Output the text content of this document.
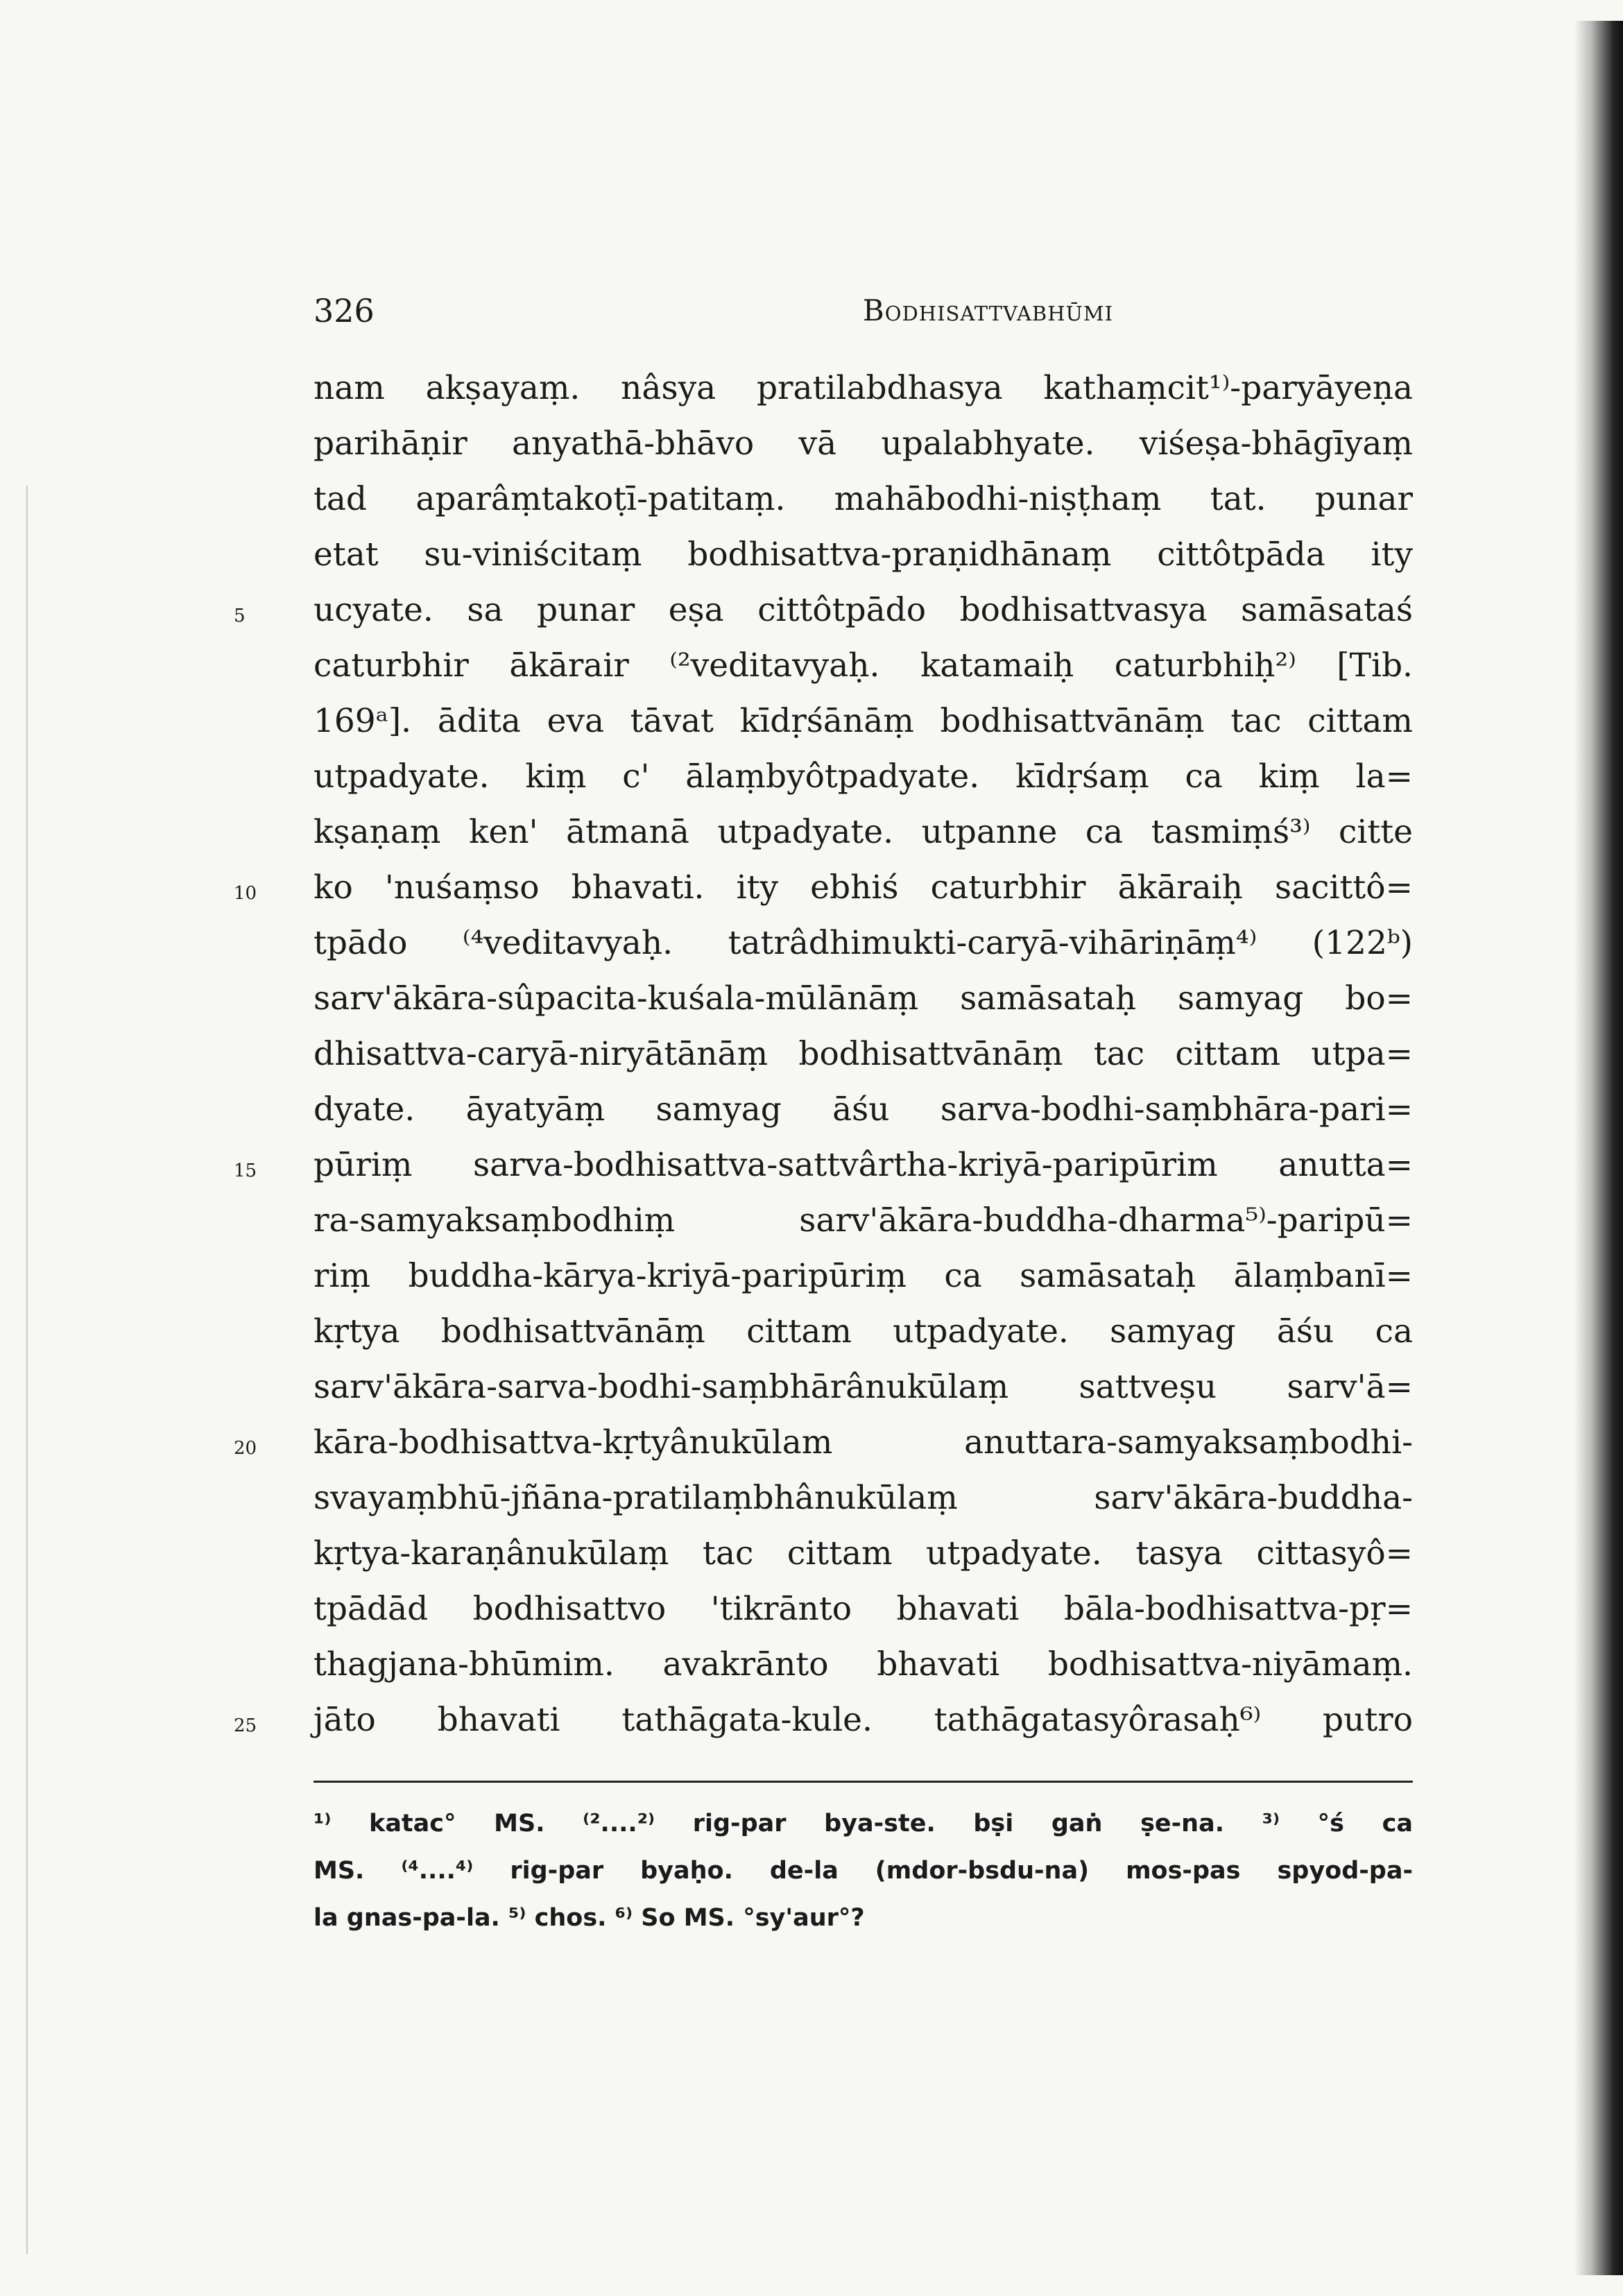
326	Bodhisattvabhūmi
nam akṣayaṃ. nâsya pratilabdhasya kathaṃcit¹⁾-paryāyeṇa
parihāṇir anyathā-bhāvo vā upalabhyate. viśeṣa-bhāgīyaṃ
tad aparâṃtakoṭī-patitaṃ. mahābodhi-niṣṭhaṃ tat. punar
etat su-viniścitaṃ bodhisattva-praṇidhānaṃ cittôtpāda ity
5	ucyate. sa punar eṣa cittôtpādo bodhisattvasya samāsataś
caturbhir ākārair ⁽²veditavyaḥ. katamaiḥ caturbhiḥ²⁾ [Tib.
169ᵃ]. ādita eva tāvat kīdṛśānāṃ bodhisattvānāṃ tac cittam
utpadyate. kiṃ c' ālaṃbyôtpadyate. kīdṛśaṃ ca kiṃ la=
kṣaṇaṃ ken' ātmanā utpadyate. utpanne ca tasmiṃś³⁾ citte
10	ko 'nuśaṃso bhavati. ity ebhiś caturbhir ākāraiḥ sacittô=
tpādo ⁽⁴veditavyaḥ. tatrâdhimukti-caryā-vihāriṇāṃ⁴⁾ (122ᵇ)
sarv'ākāra-sûpacita-kuśala-mūlānāṃ samāsataḥ samyag bo=
dhisattva-caryā-niryātānāṃ bodhisattvānāṃ tac cittam utpa=
dyate. āyatyāṃ samyag āśu sarva-bodhi-saṃbhāra-pari=
15	pūriṃ sarva-bodhisattva-sattvârtha-kriyā-paripūrim anutta=
ra-samyaksaṃbodhiṃ sarv'ākāra-buddha-dharma⁵⁾-paripū=
riṃ buddha-kārya-kriyā-paripūriṃ ca samāsataḥ ālaṃbanī=
kṛtya bodhisattvānāṃ cittam utpadyate. samyag āśu ca
sarv'ākāra-sarva-bodhi-saṃbhārânukūlaṃ sattveṣu sarv'ā=
20	kāra-bodhisattva-kṛtyânukūlam anuttara-samyaksaṃbodhi-
svayaṃbhū-jñāna-pratilaṃbhânukūlaṃ sarv'ākāra-buddha-
kṛtya-karaṇânukūlaṃ tac cittam utpadyate. tasya cittasyô=
tpādād bodhisattvo 'tikrānto bhavati bāla-bodhisattva-pṛ=
thagjana-bhūmim. avakrānto bhavati bodhisattva-niyāmaṃ.
25	jāto bhavati tathāgata-kule. tathāgatasyôrasaḥ⁶⁾ putro
¹⁾ katac° MS. ⁽²....²⁾ rig-par bya-ste. bṣi gaṅ ṣe-na. ³⁾ °ś ca
MS. ⁽⁴....⁴⁾ rig-par byaḥo. de-la (mdor-bsdu-na) mos-pas spyod-pa-
la gnas-pa-la. ⁵⁾ chos. ⁶⁾ So MS. °sy'aur°?
